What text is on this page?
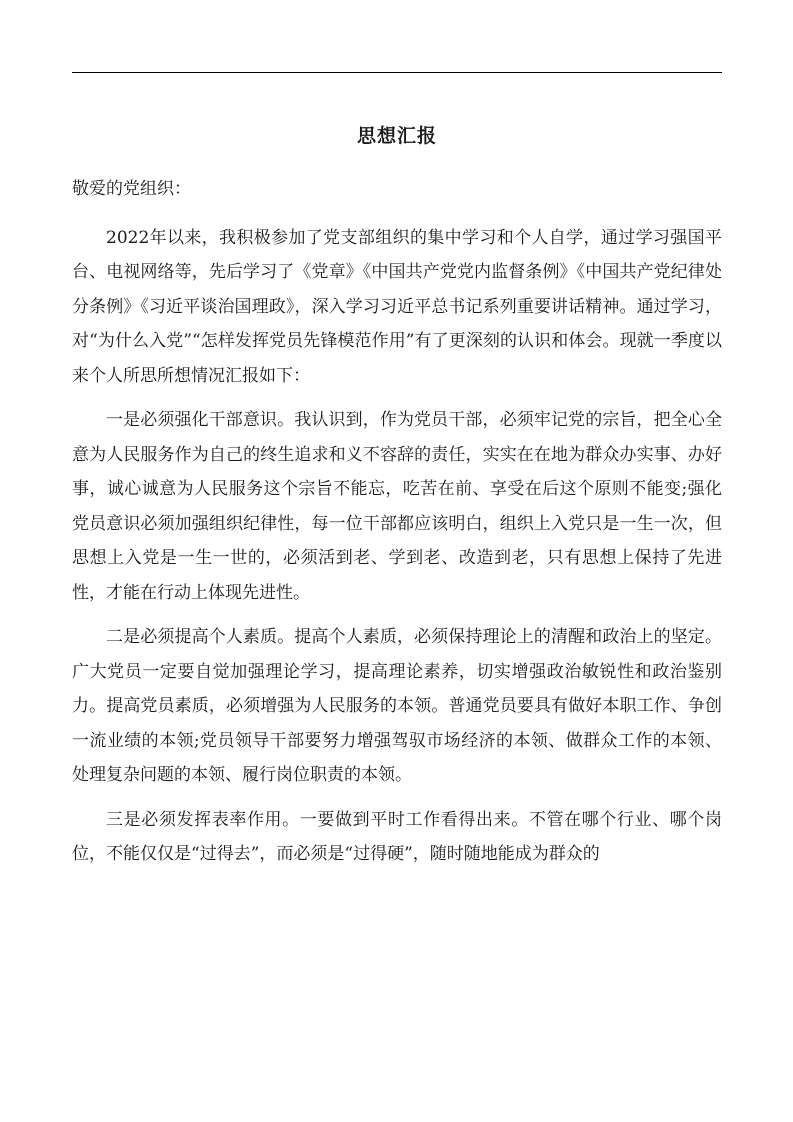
思想汇报

敬爱的党组织：

2022年以来，我积极参加了党支部组织的集中学习和个人自学，通过学习强国平台、电视网络等，先后学习了《党章》《中国共产党党内监督条例》《中国共产党纪律处分条例》《习近平谈治国理政》，深入学习习近平总书记系列重要讲话精神。通过学习，对“为什么入党”“怎样发挥党员先锋模范作用”有了更深刻的认识和体会。现就一季度以来个人所思所想情况汇报如下：

一是必须强化干部意识。我认识到，作为党员干部，必须牢记党的宗旨，把全心全意为人民服务作为自己的终生追求和义不容辞的责任，实实在在地为群众办实事、办好事，诚心诚意为人民服务这个宗旨不能忘，吃苦在前、享受在后这个原则不能变;强化党员意识必须加强组织纪律性，每一位干部都应该明白，组织上入党只是一生一次，但思想上入党是一生一世的，必须活到老、学到老、改造到老，只有思想上保持了先进性，才能在行动上体现先进性。

二是必须提高个人素质。提高个人素质，必须保持理论上的清醒和政治上的坚定。广大党员一定要自觉加强理论学习，提高理论素养，切实增强政治敏锐性和政治鉴别力。提高党员素质，必须增强为人民服务的本领。普通党员要具有做好本职工作、争创一流业绩的本领;党员领导干部要努力增强驾驭市场经济的本领、做群众工作的本领、处理复杂问题的本领、履行岗位职责的本领。

三是必须发挥表率作用。一要做到平时工作看得出来。不管在哪个行业、哪个岗位，不能仅仅是“过得去”，而必须是“过得硬”，随时随地能成为群众的
